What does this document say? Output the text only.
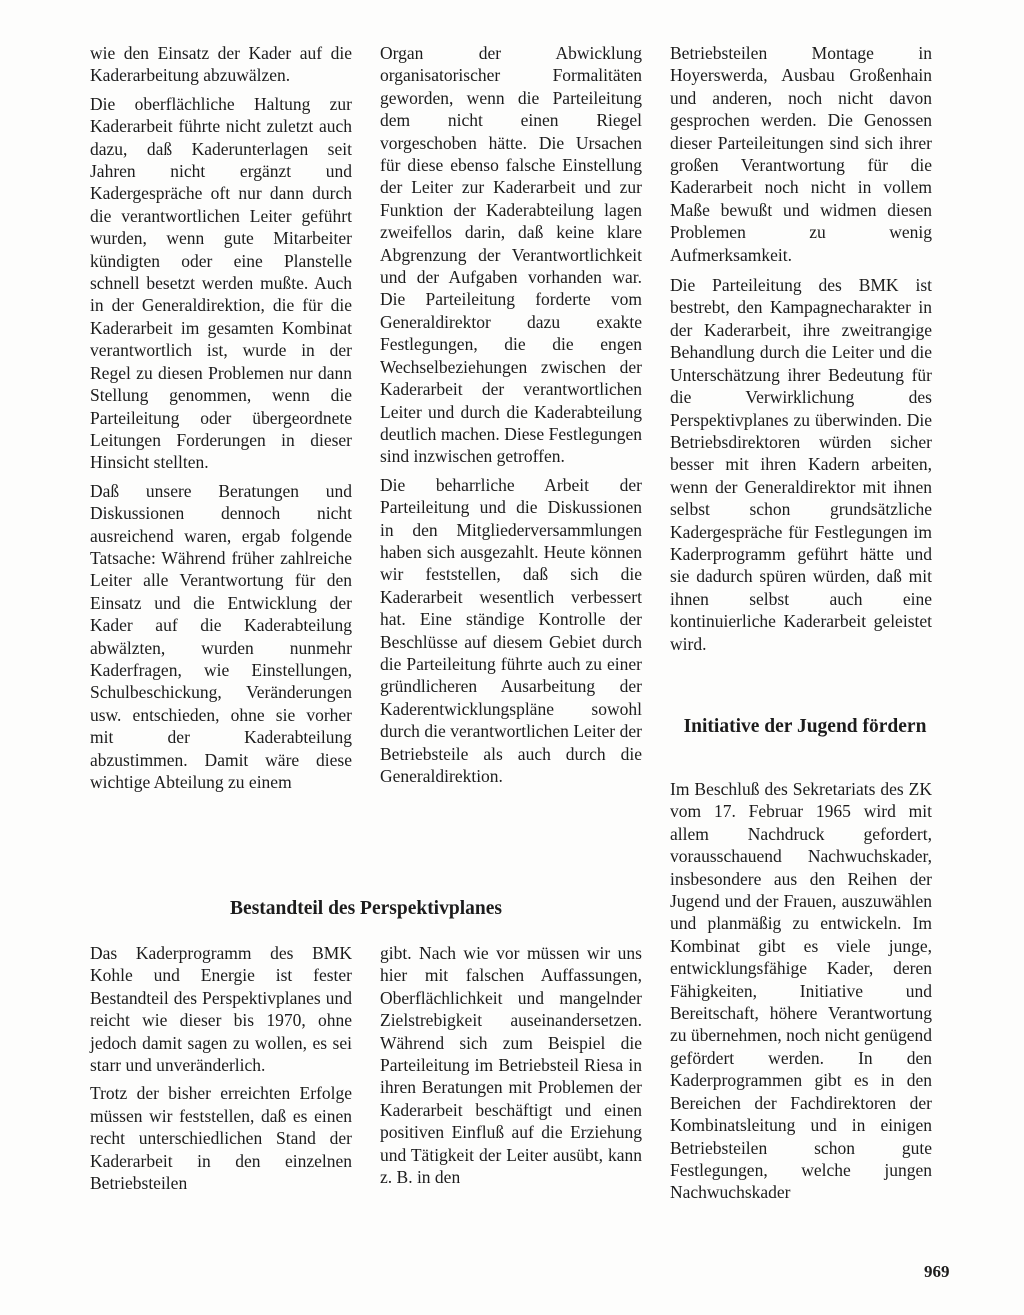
wie den Einsatz der Kader auf die Kaderarbeitung abzuwälzen.

Die oberflächliche Haltung zur Kaderarbeit führte nicht zuletzt auch dazu, daß Kaderunterlagen seit Jahren nicht ergänzt und Kadergespräche oft nur dann durch die verantwortlichen Leiter geführt wurden, wenn gute Mitarbeiter kündigten oder eine Planstelle schnell besetzt werden mußte. Auch in der Generaldirektion, die für die Kaderarbeit im gesamten Kombinat verantwortlich ist, wurde in der Regel zu diesen Problemen nur dann Stellung genommen, wenn die Parteileitung oder übergeordnete Leitungen Forderungen in dieser Hinsicht stellten.

Daß unsere Beratungen und Diskussionen dennoch nicht ausreichend waren, ergab folgende Tatsache: Während früher zahlreiche Leiter alle Verantwortung für den Einsatz und die Entwicklung der Kader auf die Kaderabteilung abwälzten, wurden nunmehr Kaderfragen, wie Einstellungen, Schulbeschickung, Veränderungen usw. entschieden, ohne sie vorher mit der Kaderabteilung abzustimmen. Damit wäre diese wichtige Abteilung zu einem

Organ der Abwicklung organisatorischer Formalitäten geworden, wenn die Parteileitung dem nicht einen Riegel vorgeschoben hätte. Die Ursachen für diese ebenso falsche Einstellung der Leiter zur Kaderarbeit und zur Funktion der Kaderabteilung lagen zweifellos darin, daß keine klare Abgrenzung der Verantwortlichkeit und der Aufgaben vorhanden war. Die Parteileitung forderte vom Generaldirektor dazu exakte Festlegungen, die die engen Wechselbeziehungen zwischen der Kaderarbeit der verantwortlichen Leiter und durch die Kaderabteilung deutlich machen. Diese Festlegungen sind inzwischen getroffen.

Die beharrliche Arbeit der Parteileitung und die Diskussionen in den Mitgliederversammlungen haben sich ausgezahlt. Heute können wir feststellen, daß sich die Kaderarbeit wesentlich verbessert hat. Eine ständige Kontrolle der Beschlüsse auf diesem Gebiet durch die Parteileitung führte auch zu einer gründlicheren Ausarbeitung der Kaderentwicklungspläne sowohl durch die verantwortlichen Leiter der Betriebsteile als auch durch die Generaldirektion.

Betriebsteilen Montage in Hoyerswerda, Ausbau Großenhain und anderen, noch nicht davon gesprochen werden. Die Genossen dieser Parteileitungen sind sich ihrer großen Verantwortung für die Kaderarbeit noch nicht in vollem Maße bewußt und widmen diesen Problemen zu wenig Aufmerksamkeit.

Die Parteileitung des BMK ist bestrebt, den Kampagnecharakter in der Kaderarbeit, ihre zweitrangige Behandlung durch die Leiter und die Unterschätzung ihrer Bedeutung für die Verwirklichung des Perspektivplanes zu überwinden. Die Betriebsdirektoren würden sicher besser mit ihren Kadern arbeiten, wenn der Generaldirektor mit ihnen selbst schon grundsätzliche Kadergespräche für Festlegungen im Kaderprogramm geführt hätte und sie dadurch spüren würden, daß mit ihnen selbst auch eine kontinuierliche Kaderarbeit geleistet wird.

Initiative der Jugend fördern

Im Beschluß des Sekretariats des ZK vom 17. Februar 1965 wird mit allem Nachdruck gefordert, vorausschauend Nachwuchskader, insbesondere aus den Reihen der Jugend und der Frauen, auszuwählen und planmäßig zu entwickeln. Im Kombinat gibt es viele junge, entwicklungsfähige Kader, deren Fähigkeiten, Initiative und Bereitschaft, höhere Verantwortung zu übernehmen, noch nicht genügend gefördert werden. In den Kaderprogrammen gibt es in den Bereichen der Fachdirektoren der Kombinatsleitung und in einigen Betriebsteilen schon gute Festlegungen, welche jungen Nachwuchskader

Bestandteil des Perspektivplanes

Das Kaderprogramm des BMK Kohle und Energie ist fester Bestandteil des Perspektivplanes und reicht wie dieser bis 1970, ohne jedoch damit sagen zu wollen, es sei starr und unveränderlich.

Trotz der bisher erreichten Erfolge müssen wir feststellen, daß es einen recht unterschiedlichen Stand der Kaderarbeit in den einzelnen Betriebsteilen

gibt. Nach wie vor müssen wir uns hier mit falschen Auffassungen, Oberflächlichkeit und mangelnder Zielstrebigkeit auseinandersetzen. Während sich zum Beispiel die Parteileitung im Betriebsteil Riesa in ihren Beratungen mit Problemen der Kaderarbeit beschäftigt und einen positiven Einfluß auf die Erziehung und Tätigkeit der Leiter ausübt, kann z. B. in den

969
